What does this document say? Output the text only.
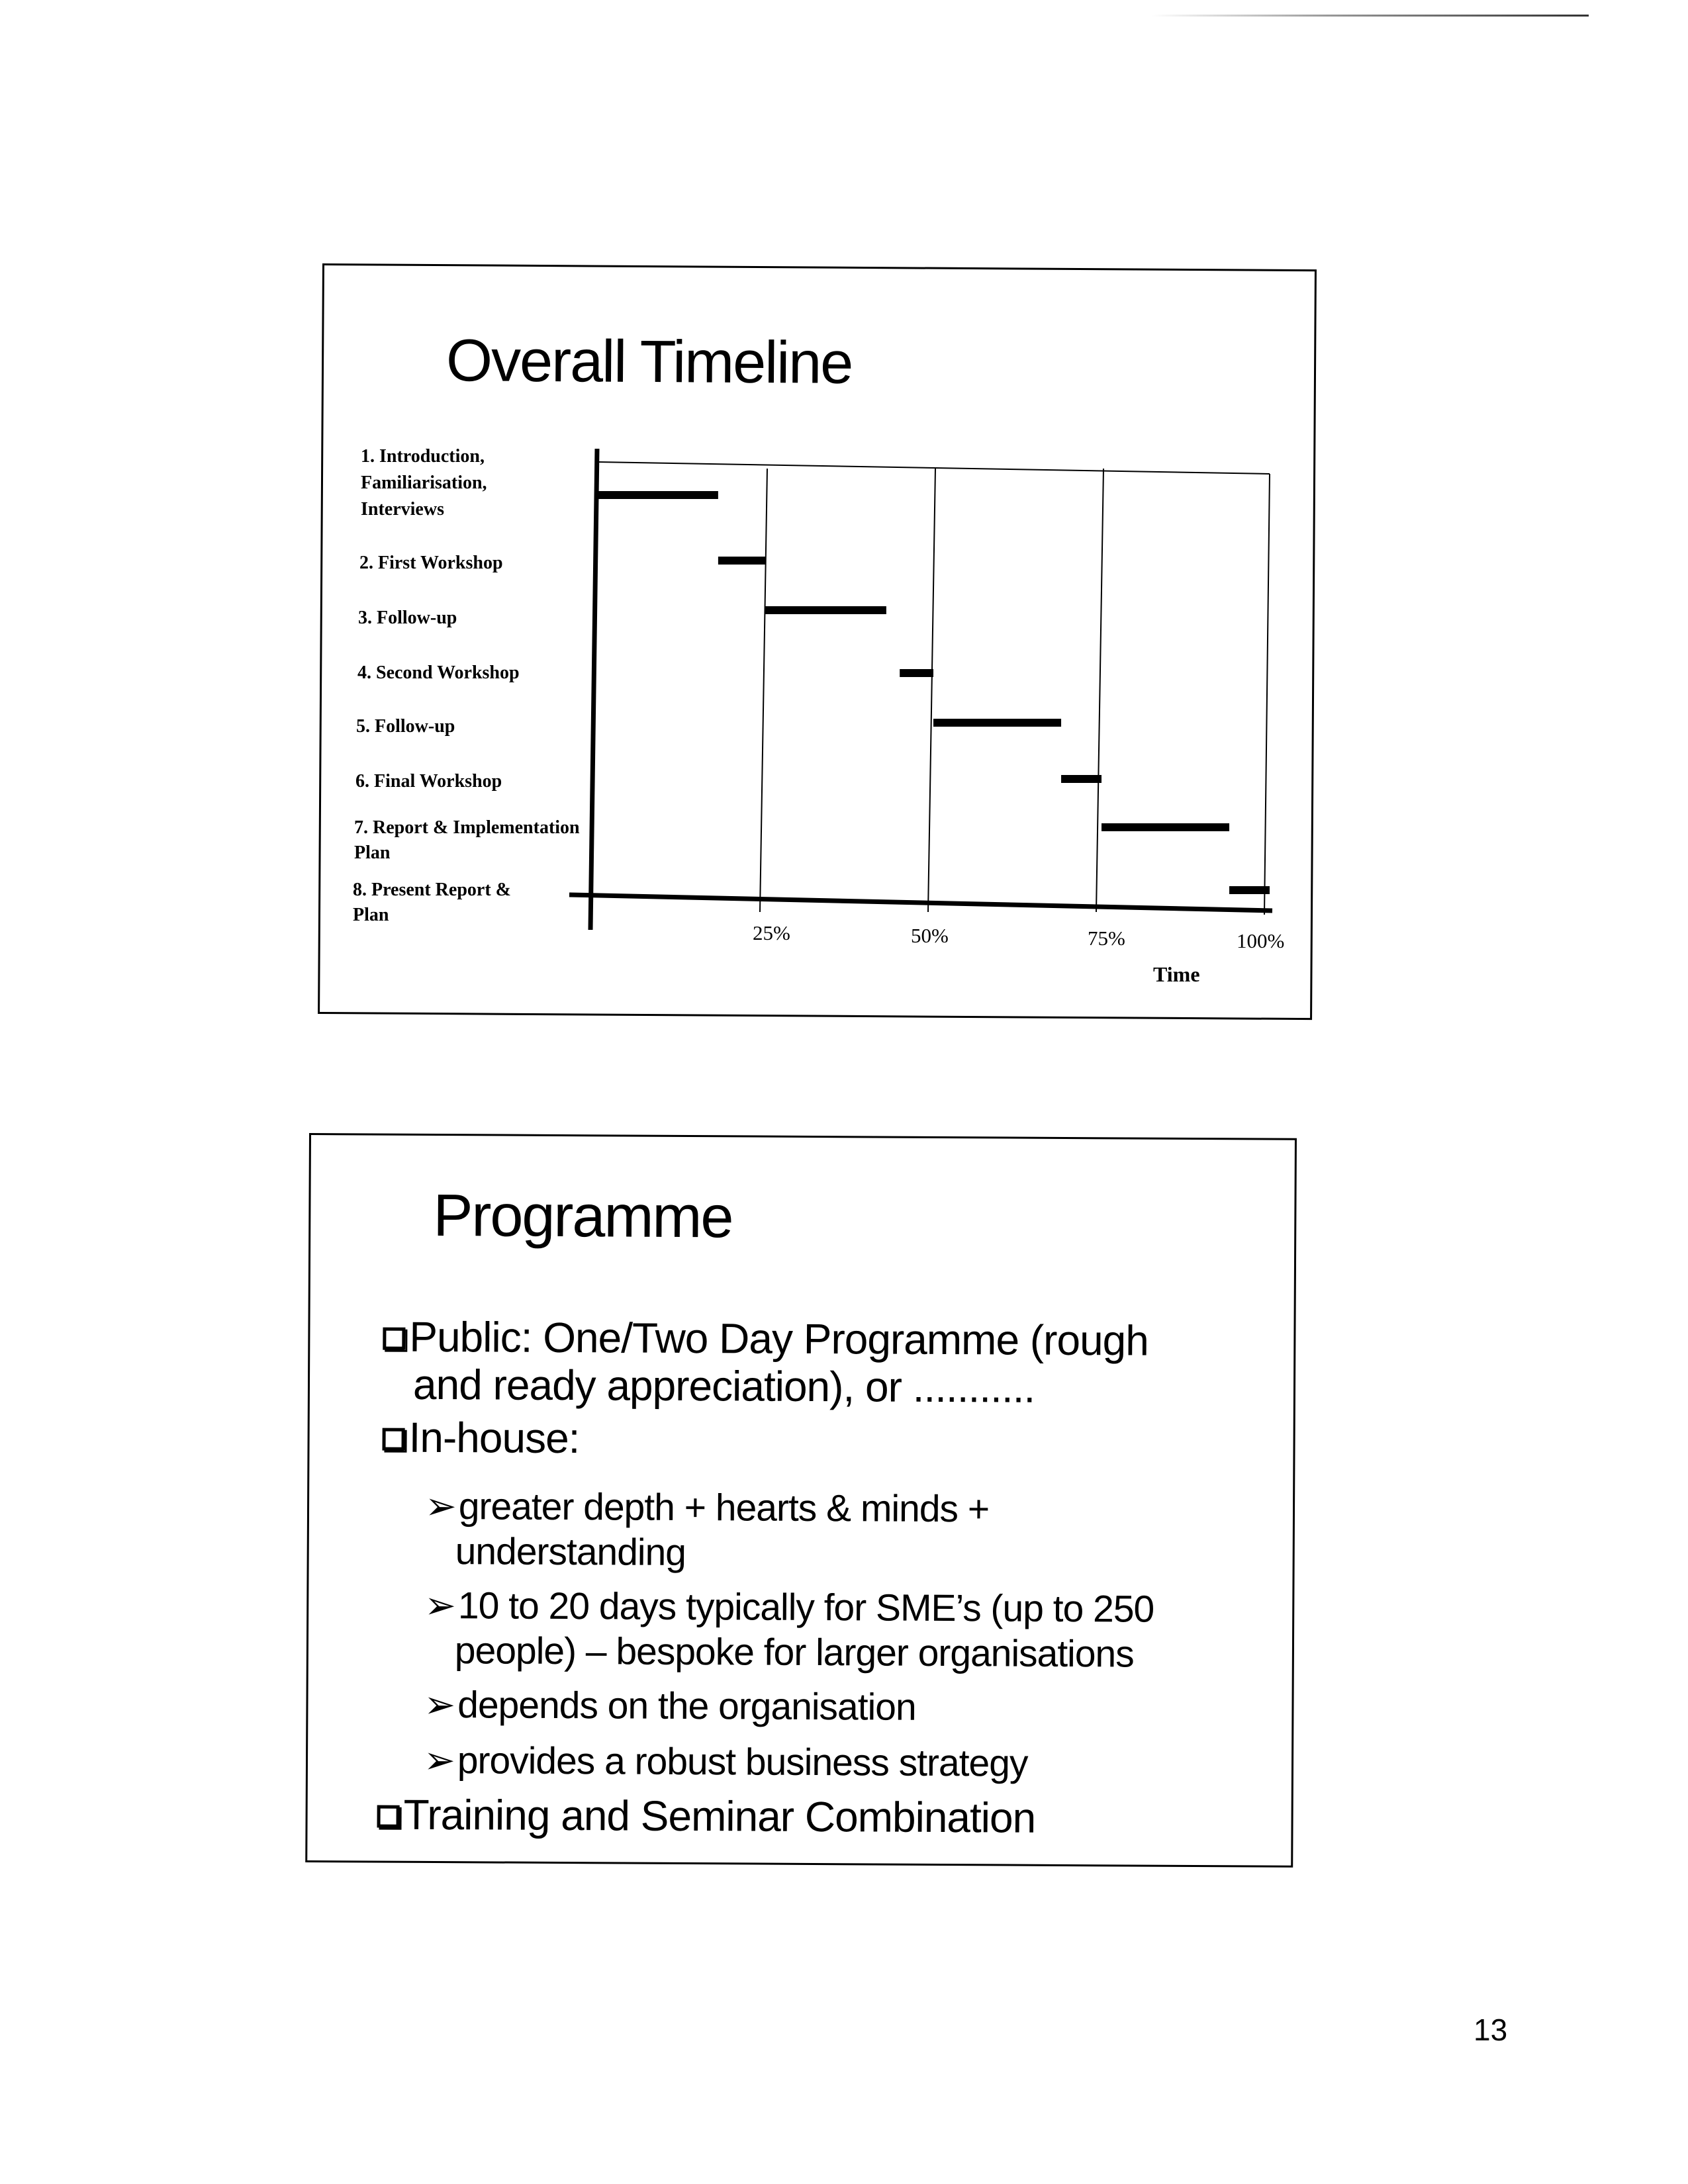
Overall Timeline
1. Introduction,
Familiarisation,
Interviews
2. First Workshop
3. Follow-up
4. Second Workshop
5. Follow-up
6. Final Workshop
7. Report & Implementation
Plan
8. Present Report &
Plan
25%	50%	75%	100%
Time
Programme
Public: One/Two Day Programme (rough
and ready appreciation), or ...........
In-house:
➢greater depth + hearts & minds +
understanding
➢10 to 20 days typically for SME’s (up to 250
people) – bespoke for larger organisations
➢depends on the organisation
➢provides a robust business strategy
Training and Seminar Combination
13
